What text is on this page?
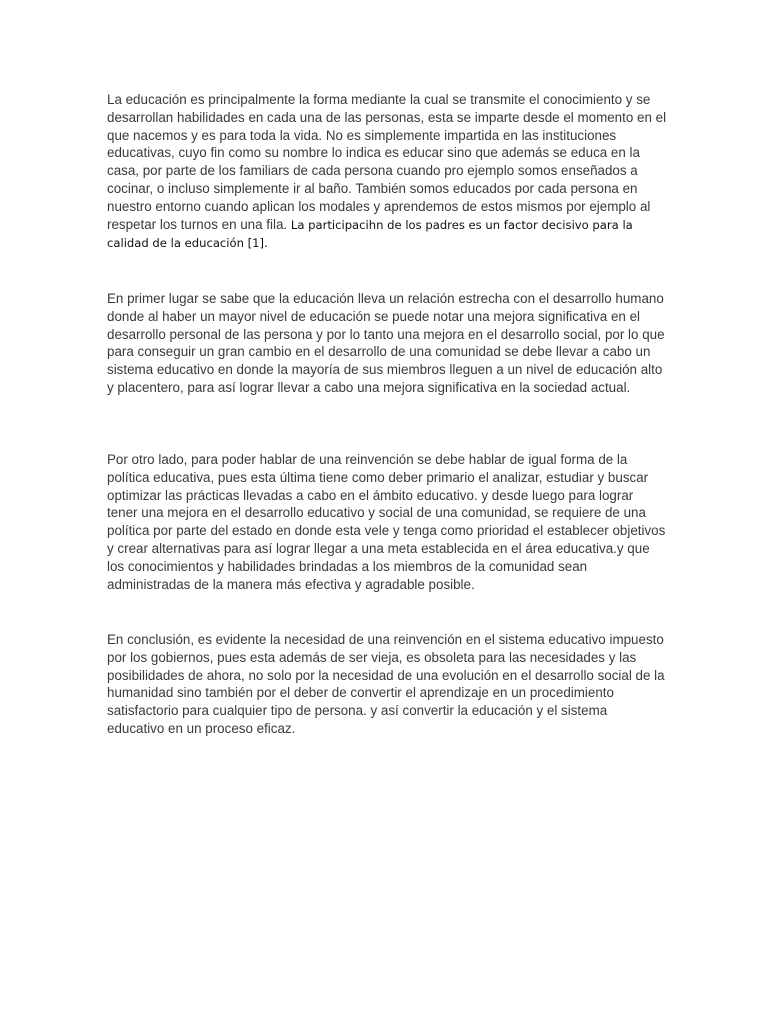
La educación es principalmente la forma mediante la cual se transmite el conocimiento y se desarrollan habilidades en cada una de las personas, esta se imparte desde el momento en el que nacemos y es para toda la vida. No es simplemente impartida en las instituciones educativas, cuyo fin como su nombre lo indica es educar sino que además se educa en la casa, por parte de los familiars de cada persona cuando pro ejemplo somos enseñados a cocinar, o incluso simplemente ir al baño. También somos educados por cada persona en nuestro entorno cuando aplican los modales y aprendemos de estos mismos por ejemplo al respetar los turnos en una fila. La participacihn de los padres es un factor decisivo para la calidad de la educación [1].

En primer lugar se sabe que la educación lleva un relación estrecha con el desarrollo humano donde al haber un mayor nivel de educación se puede notar una mejora significativa en el desarrollo personal de las persona y por lo tanto una mejora en el desarrollo social, por lo que para conseguir un gran cambio en el desarrollo de una comunidad se debe llevar a cabo un sistema educativo en donde la mayoría de sus miembros lleguen a un nivel de educación alto y placentero, para así lograr llevar a cabo una mejora significativa en la sociedad actual.

Por otro lado, para poder hablar de una reinvención se debe hablar de igual forma de la política educativa, pues esta última tiene como deber primario el analizar, estudiar y buscar optimizar las prácticas llevadas a cabo en el ámbito educativo. y desde luego para lograr tener una mejora en el desarrollo educativo y social de una comunidad, se requiere de una política por parte del estado en donde esta vele y tenga como prioridad el establecer objetivos y crear alternativas para así lograr llegar a una meta establecida en el área educativa.y que los conocimientos y habilidades brindadas a los miembros de la comunidad sean administradas de la manera más efectiva y agradable posible.

En conclusión, es evidente la necesidad de una reinvención en el sistema educativo impuesto por los gobiernos, pues esta además de ser vieja, es obsoleta para las necesidades y las posibilidades de ahora, no solo por la necesidad de una evolución en el desarrollo social de la humanidad sino también por el deber de convertir el aprendizaje en un procedimiento satisfactorio para cualquier tipo de persona. y así convertir la educación y el sistema educativo en un proceso eficaz.
